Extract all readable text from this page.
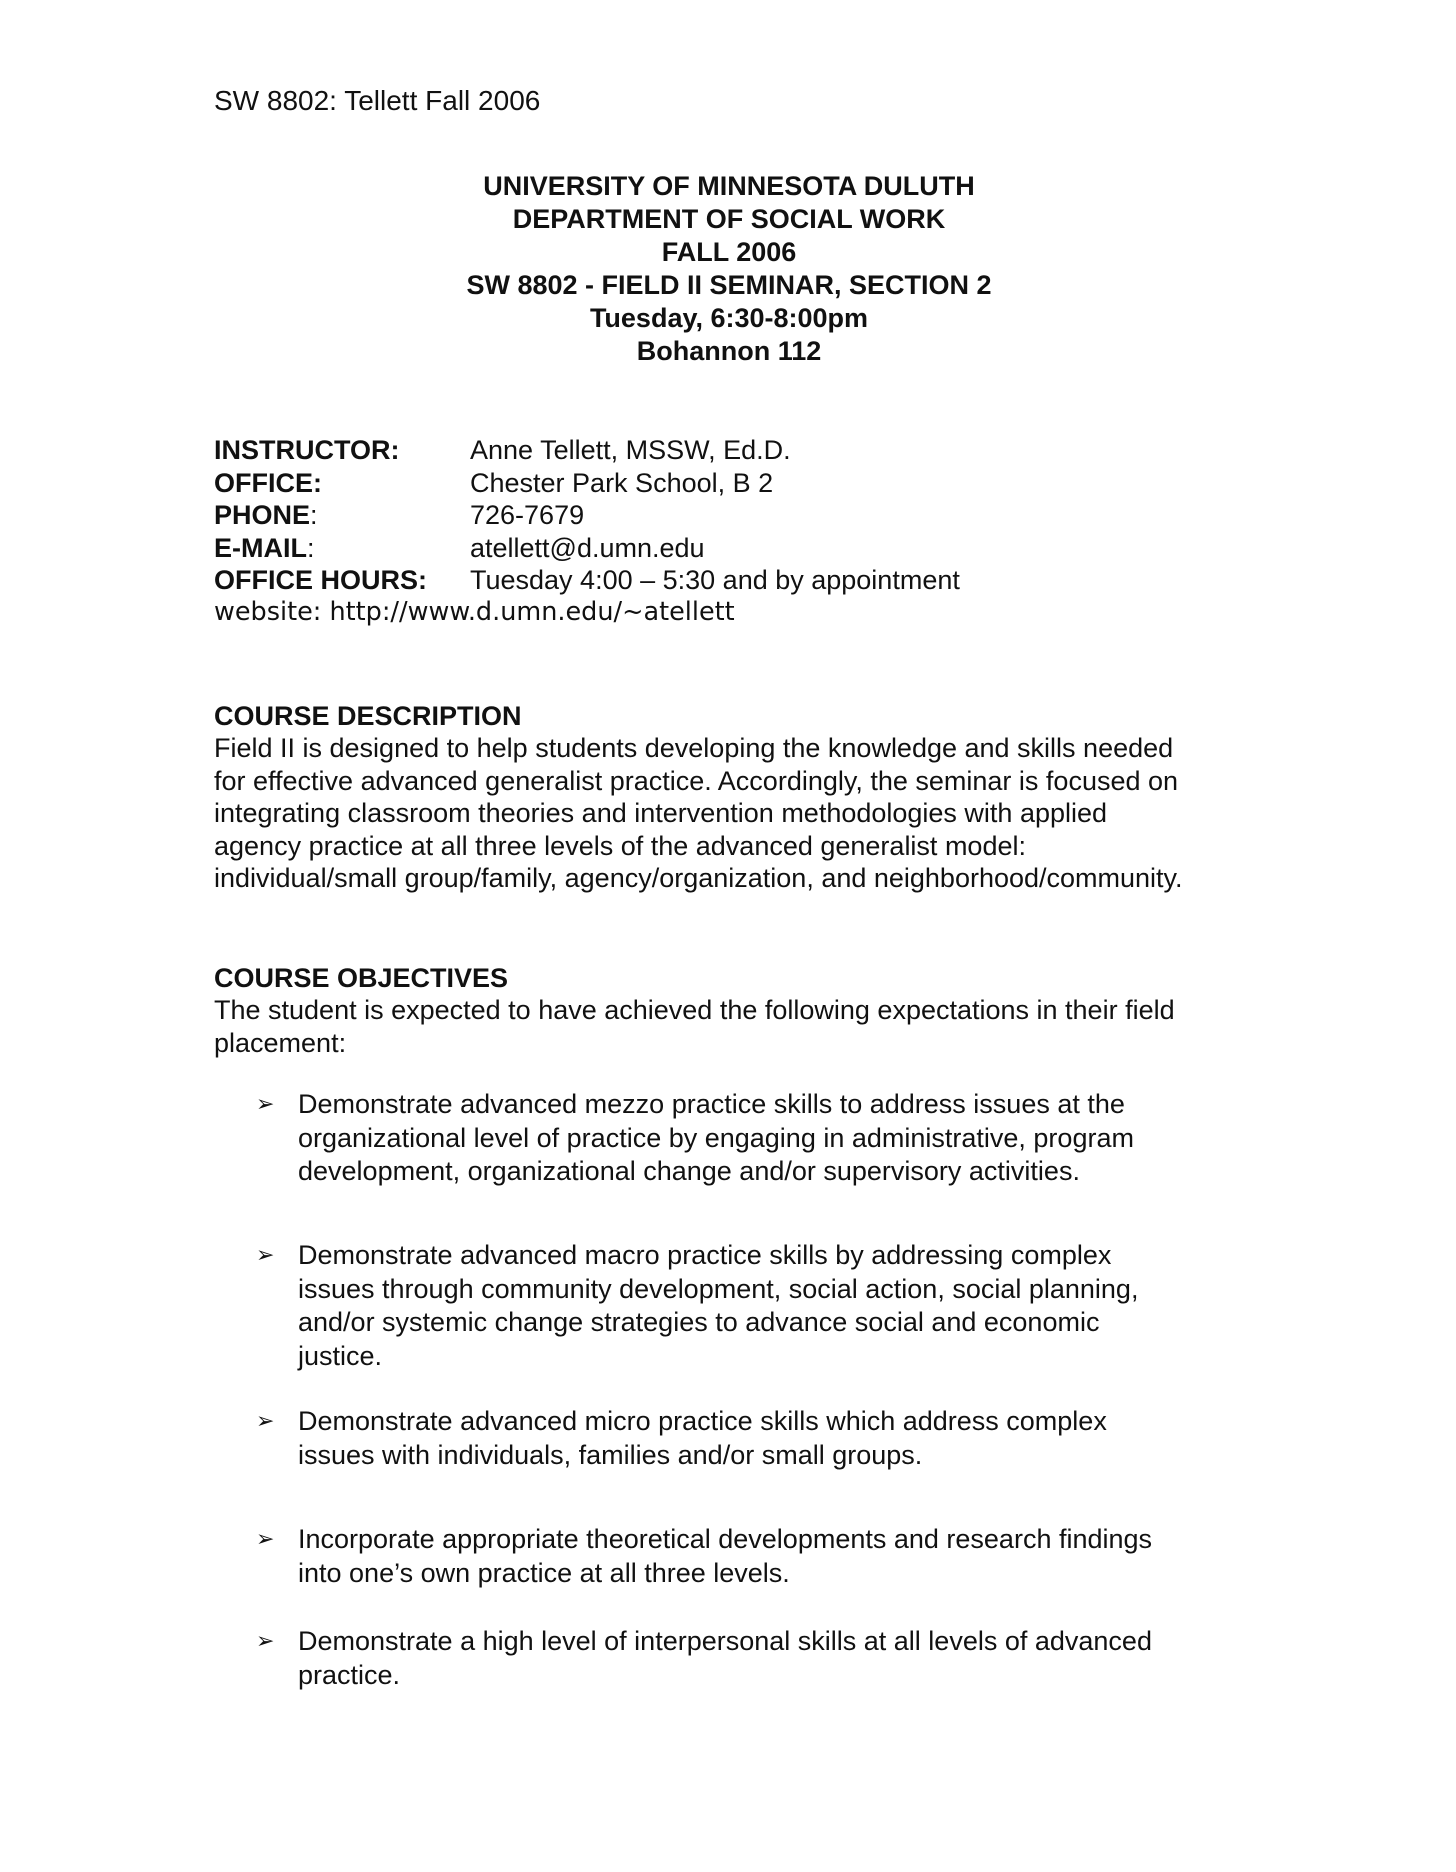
SW 8802: Tellett Fall 2006
UNIVERSITY OF MINNESOTA DULUTH
DEPARTMENT OF SOCIAL WORK
FALL 2006
SW 8802 - FIELD II SEMINAR, SECTION 2
Tuesday, 6:30-8:00pm
Bohannon 112
INSTRUCTOR:	Anne Tellett, MSSW, Ed.D.
OFFICE:	Chester Park School, B 2
PHONE:	726-7679
E-MAIL:	atellett@d.umn.edu
OFFICE HOURS:	Tuesday 4:00 – 5:30 and by appointment
website: http://www.d.umn.edu/~atellett
COURSE DESCRIPTION
Field II is designed to help students developing the knowledge and skills needed
for effective advanced generalist practice. Accordingly, the seminar is focused on
integrating classroom theories and intervention methodologies with applied
agency practice at all three levels of the advanced generalist model:
individual/small group/family, agency/organization, and neighborhood/community.
COURSE OBJECTIVES
The student is expected to have achieved the following expectations in their field
placement:
➢ Demonstrate advanced mezzo practice skills to address issues at the
organizational level of practice by engaging in administrative, program
development, organizational change and/or supervisory activities.
➢ Demonstrate advanced macro practice skills by addressing complex
issues through community development, social action, social planning,
and/or systemic change strategies to advance social and economic
justice.
➢ Demonstrate advanced micro practice skills which address complex
issues with individuals, families and/or small groups.
➢ Incorporate appropriate theoretical developments and research findings
into one’s own practice at all three levels.
➢ Demonstrate a high level of interpersonal skills at all levels of advanced
practice.
